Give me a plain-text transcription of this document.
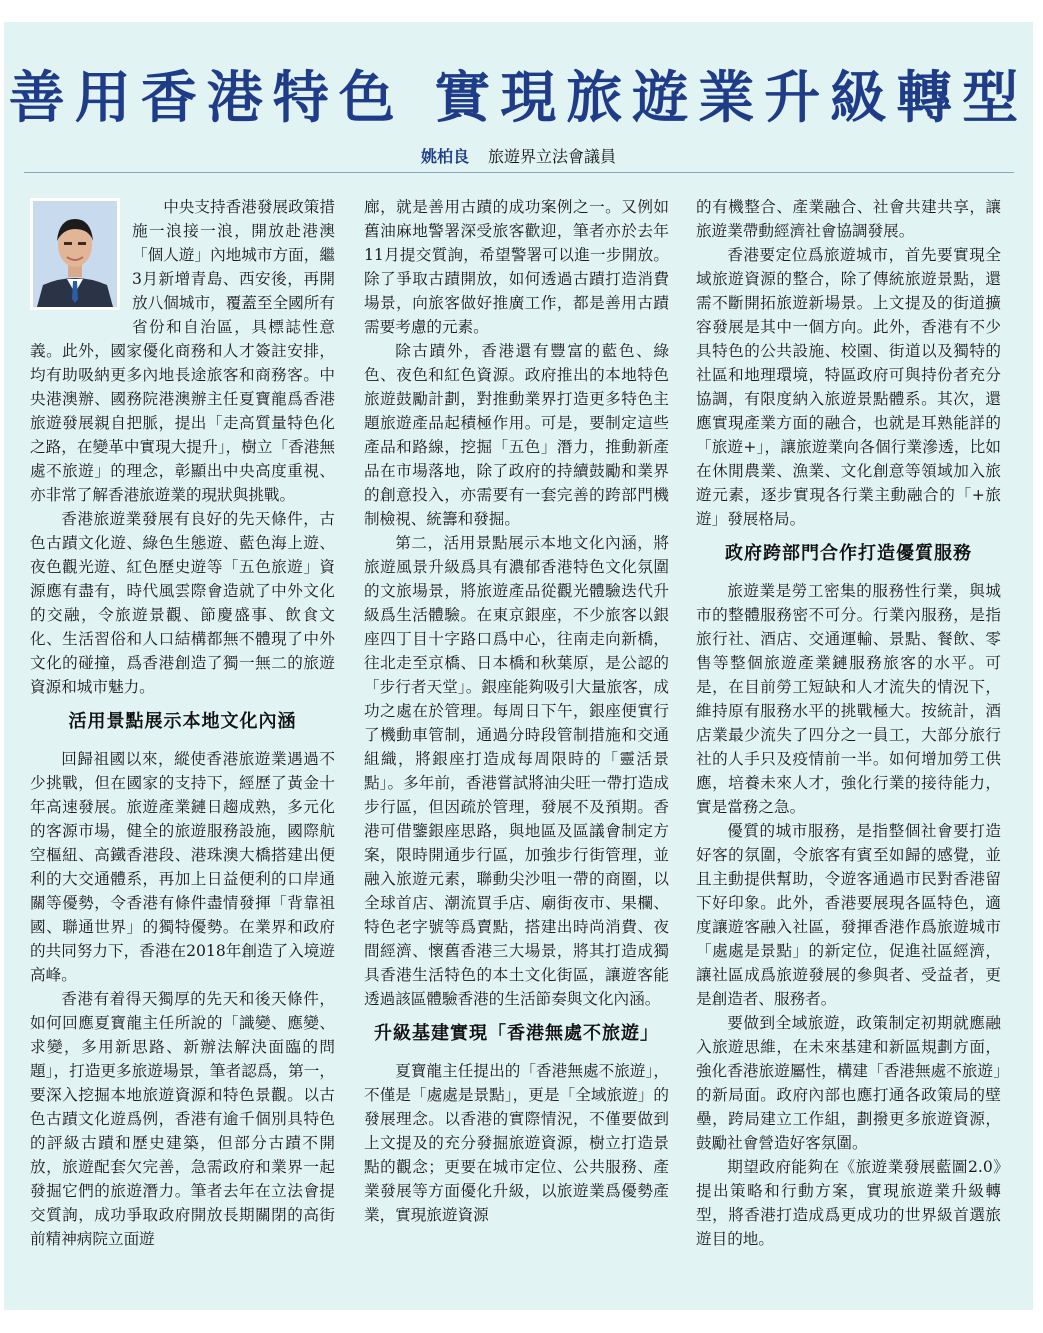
善用香港特色 實現旅遊業升級轉型
姚柏良 旅遊界立法會議員

中央支持香港發展政策措施一浪接一浪，開放赴港澳「個人遊」內地城市方面，繼3月新增青島、西安後，再開放八個城市，覆蓋至全國所有省份和自治區，具標誌性意義。此外，國家優化商務和人才簽註安排，均有助吸納更多內地長途旅客和商務客。中央港澳辦、國務院港澳辦主任夏寶龍爲香港旅遊發展親自把脈，提出「走高質量特色化之路，在變革中實現大提升」，樹立「香港無處不旅遊」的理念，彰顯出中央高度重視、亦非常了解香港旅遊業的現狀與挑戰。

香港旅遊業發展有良好的先天條件，古色古蹟文化遊、綠色生態遊、藍色海上遊、夜色觀光遊、紅色歷史遊等「五色旅遊」資源應有盡有，時代風雲際會造就了中外文化的交融，令旅遊景觀、節慶盛事、飲食文化、生活習俗和人口結構都無不體現了中外文化的碰撞，爲香港創造了獨一無二的旅遊資源和城市魅力。

活用景點展示本地文化內涵

回歸祖國以來，縱使香港旅遊業遇過不少挑戰，但在國家的支持下，經歷了黃金十年高速發展。旅遊產業鏈日趨成熟，多元化的客源市場，健全的旅遊服務設施，國際航空樞紐、高鐵香港段、港珠澳大橋搭建出便利的大交通體系，再加上日益便利的口岸通關等優勢，令香港有條件盡情發揮「背靠祖國、聯通世界」的獨特優勢。在業界和政府的共同努力下，香港在2018年創造了入境遊高峰。

香港有着得天獨厚的先天和後天條件，如何回應夏寶龍主任所說的「識變、應變、求變，多用新思路、新辦法解決面臨的問題」，打造更多旅遊場景，筆者認爲，第一，要深入挖掘本地旅遊資源和特色景觀。以古色古蹟文化遊爲例，香港有逾千個別具特色的評級古蹟和歷史建築，但部分古蹟不開放，旅遊配套欠完善，急需政府和業界一起發掘它們的旅遊潛力。筆者去年在立法會提交質詢，成功爭取政府開放長期關閉的高街前精神病院立面遊

廊，就是善用古蹟的成功案例之一。又例如舊油麻地警署深受旅客歡迎，筆者亦於去年11月提交質詢，希望警署可以進一步開放。除了爭取古蹟開放，如何透過古蹟打造消費場景，向旅客做好推廣工作，都是善用古蹟需要考慮的元素。

除古蹟外，香港還有豐富的藍色、綠色、夜色和紅色資源。政府推出的本地特色旅遊鼓勵計劃，對推動業界打造更多特色主題旅遊產品起積極作用。可是，要制定這些產品和路線，挖掘「五色」潛力，推動新產品在市場落地，除了政府的持續鼓勵和業界的創意投入，亦需要有一套完善的跨部門機制檢視、統籌和發掘。

第二，活用景點展示本地文化內涵，將旅遊風景升級爲具有濃郁香港特色文化氛圍的文旅場景，將旅遊產品從觀光體驗迭代升級爲生活體驗。在東京銀座，不少旅客以銀座四丁目十字路口爲中心，往南走向新橋，往北走至京橋、日本橋和秋葉原，是公認的「步行者天堂」。銀座能夠吸引大量旅客，成功之處在於管理。每周日下午，銀座便實行了機動車管制，通過分時段管制措施和交通組織，將銀座打造成每周限時的「靈活景點」。多年前，香港嘗試將油尖旺一帶打造成步行區，但因疏於管理，發展不及預期。香港可借鑒銀座思路，與地區及區議會制定方案，限時開通步行區，加強步行街管理，並融入旅遊元素，聯動尖沙咀一帶的商圈，以全球首店、潮流買手店、廟街夜市、果欄、特色老字號等爲賣點，搭建出時尚消費、夜間經濟、懷舊香港三大場景，將其打造成獨具香港生活特色的本土文化街區，讓遊客能透過該區體驗香港的生活節奏與文化內涵。

升級基建實現「香港無處不旅遊」

夏寶龍主任提出的「香港無處不旅遊」，不僅是「處處是景點」，更是「全域旅遊」的發展理念。以香港的實際情況，不僅要做到上文提及的充分發掘旅遊資源，樹立打造景點的觀念；更要在城市定位、公共服務、產業發展等方面優化升級，以旅遊業爲優勢產業，實現旅遊資源

的有機整合、產業融合、社會共建共享，讓旅遊業帶動經濟社會協調發展。

香港要定位爲旅遊城市，首先要實現全域旅遊資源的整合，除了傳統旅遊景點，還需不斷開拓旅遊新場景。上文提及的街道擴容發展是其中一個方向。此外，香港有不少具特色的公共設施、校園、街道以及獨特的社區和地理環境，特區政府可與持份者充分協調，有限度納入旅遊景點體系。其次，還應實現產業方面的融合，也就是耳熟能詳的「旅遊+」，讓旅遊業向各個行業滲透，比如在休閒農業、漁業、文化創意等領域加入旅遊元素，逐步實現各行業主動融合的「+旅遊」發展格局。

政府跨部門合作打造優質服務

旅遊業是勞工密集的服務性行業，與城市的整體服務密不可分。行業內服務，是指旅行社、酒店、交通運輸、景點、餐飲、零售等整個旅遊產業鏈服務旅客的水平。可是，在目前勞工短缺和人才流失的情況下，維持原有服務水平的挑戰極大。按統計，酒店業最少流失了四分之一員工，大部分旅行社的人手只及疫情前一半。如何增加勞工供應，培養未來人才，強化行業的接待能力，實是當務之急。

優質的城市服務，是指整個社會要打造好客的氛圍，令旅客有賓至如歸的感覺，並且主動提供幫助，令遊客通過市民對香港留下好印象。此外，香港要展現各區特色，適度讓遊客融入社區，發揮香港作爲旅遊城市「處處是景點」的新定位，促進社區經濟，讓社區成爲旅遊發展的參與者、受益者，更是創造者、服務者。

要做到全域旅遊，政策制定初期就應融入旅遊思維，在未來基建和新區規劃方面，強化香港旅遊屬性，構建「香港無處不旅遊」的新局面。政府內部也應打通各政策局的壁壘，跨局建立工作組，劃撥更多旅遊資源，鼓勵社會營造好客氛圍。

期望政府能夠在《旅遊業發展藍圖2.0》提出策略和行動方案，實現旅遊業升級轉型，將香港打造成爲更成功的世界級首選旅遊目的地。
